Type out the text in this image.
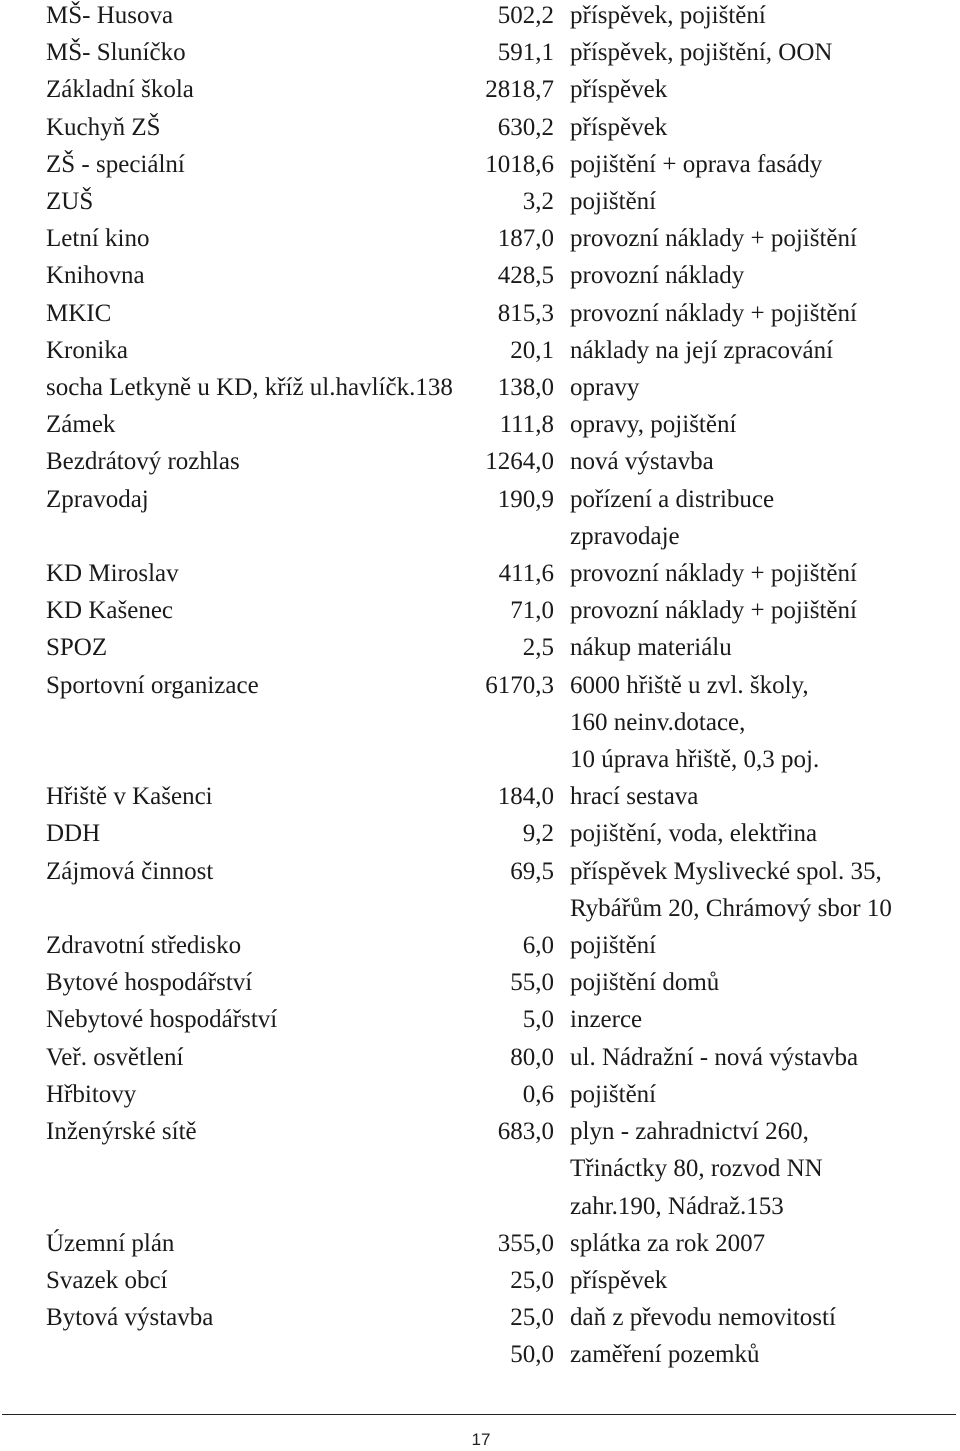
MŠ- Husova	502,2	příspěvek, pojištění

MŠ- Sluníčko	591,1	příspěvek, pojištění, OON

Základní škola	2818,7	příspěvek

Kuchyň ZŠ	630,2	příspěvek

ZŠ - speciální	1018,6	pojištění + oprava fasády

ZUŠ	3,2	pojištění

Letní kino	187,0	provozní náklady + pojištění

Knihovna	428,5	provozní náklady

MKIC	815,3	provozní náklady + pojištění

Kronika	20,1	náklady na její zpracování

socha Letkyně u KD, kříž ul.havlíčk.138	138,0	opravy

Zámek	111,8	opravy, pojištění

Bezdrátový rozhlas	1264,0	nová výstavba

Zpravodaj	190,9	pořízení a distribuce
zpravodaje

KD Miroslav	411,6	provozní náklady + pojištění

KD Kašenec	71,0	provozní náklady + pojištění

SPOZ	2,5	nákup materiálu

Sportovní organizace	6170,3	6000 hřiště u zvl. školy,
160 neinv.dotace,
10 úprava hřiště, 0,3 poj.

Hřiště v Kašenci	184,0	hrací sestava

DDH	9,2	pojištění, voda, elektřina

Zájmová činnost	69,5	příspěvek Myslivecké spol. 35,
Rybářům 20, Chrámový sbor 10

Zdravotní středisko	6,0	pojištění

Bytové hospodářství	55,0	pojištění domů

Nebytové hospodářství	5,0	inzerce

Veř. osvětlení	80,0	ul. Nádražní - nová výstavba

Hřbitovy	0,6	pojištění

Inženýrské sítě	683,0	plyn - zahradnictví 260,
Třináctky 80, rozvod NN
zahr.190, Nádraž.153

Územní plán	355,0	splátka za rok 2007

Svazek obcí	25,0	příspěvek

Bytová výstavba	25,0	daň z převodu nemovitostí

	50,0	zaměření pozemků
17
